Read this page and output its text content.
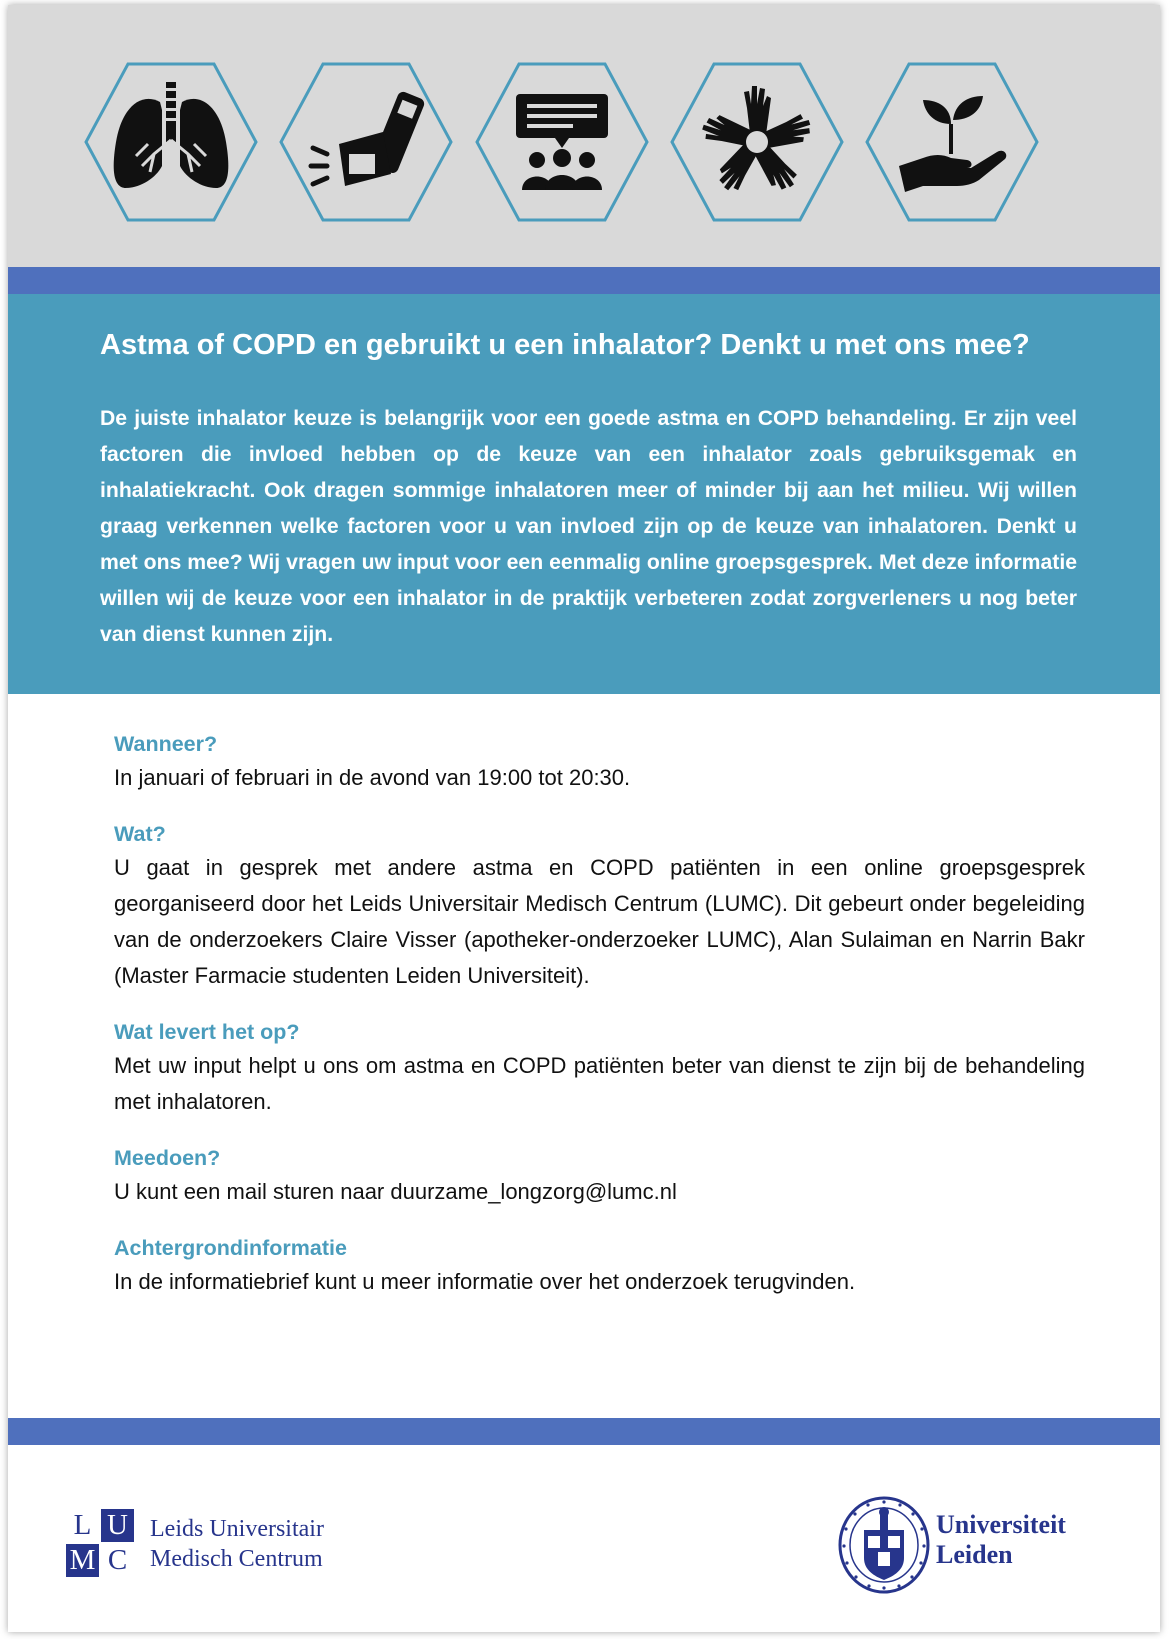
Astma of COPD en gebruikt u een inhalator? Denkt u met ons mee?

De juiste inhalator keuze is belangrijk voor een goede astma en COPD behandeling. Er zijn veel factoren die invloed hebben op de keuze van een inhalator zoals gebruiksgemak en inhalatiekracht. Ook dragen sommige inhalatoren meer of minder bij aan het milieu. Wij willen graag verkennen welke factoren voor u van invloed zijn op de keuze van inhalatoren. Denkt u met ons mee? Wij vragen uw input voor een eenmalig online groepsgesprek. Met deze informatie willen wij de keuze voor een inhalator in de praktijk verbeteren zodat zorgverleners u nog beter van dienst kunnen zijn.

Wanneer?

In januari of februari in de avond van 19:00 tot 20:30.

Wat?

U gaat in gesprek met andere astma en COPD patiënten in een online groepsgesprek georganiseerd door het Leids Universitair Medisch Centrum (LUMC). Dit gebeurt onder begeleiding van de onderzoekers Claire Visser (apotheker-onderzoeker LUMC), Alan Sulaiman en Narrin Bakr (Master Farmacie studenten Leiden Universiteit).

Wat levert het op?

Met uw input helpt u ons om astma en COPD patiënten beter van dienst te zijn bij de behandeling met inhalatoren.

Meedoen?

U kunt een mail sturen naar duurzame_longzorg@lumc.nl

Achtergrondinformatie

In de informatiebrief kunt u meer informatie over het onderzoek terugvinden.

L U
M C
Leids Universitair
Medisch Centrum
Universiteit
Leiden
